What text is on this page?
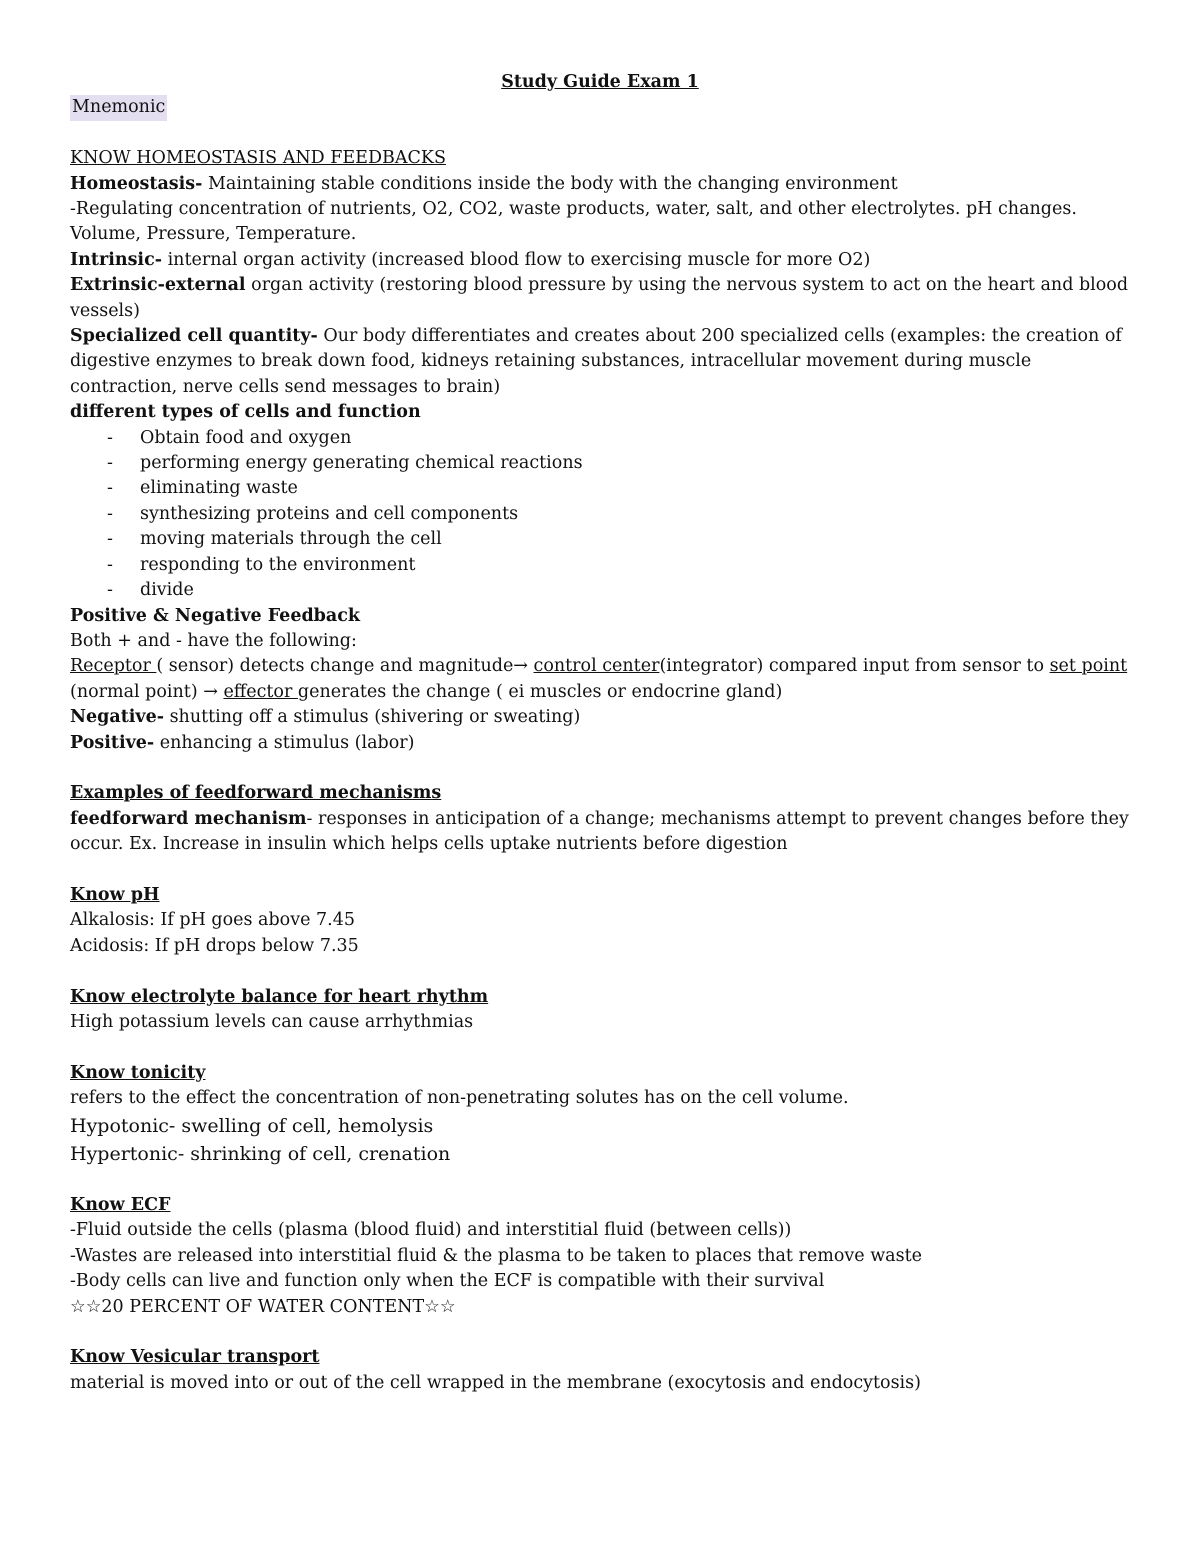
Study Guide Exam 1

Mnemonic

KNOW HOMEOSTASIS AND FEEDBACKS

Homeostasis- Maintaining stable conditions inside the body with the changing environment

-Regulating concentration of nutrients, O2, CO2, waste products, water, salt, and other electrolytes. pH changes. Volume, Pressure, Temperature.

Intrinsic- internal organ activity (increased blood flow to exercising muscle for more O2)

Extrinsic-external organ activity (restoring blood pressure by using the nervous system to act on the heart and blood vessels)

Specialized cell quantity- Our body differentiates and creates about 200 specialized cells (examples: the creation of digestive enzymes to break down food, kidneys retaining substances, intracellular movement during muscle contraction, nerve cells send messages to brain)

different types of cells and function

- Obtain food and oxygen
- performing energy generating chemical reactions
- eliminating waste
- synthesizing proteins and cell components
- moving materials through the cell
- responding to the environment
- divide

Positive & Negative Feedback

Both + and - have the following:

Receptor ( sensor) detects change and magnitude→ control center(integrator) compared input from sensor to set point (normal point) → effector generates the change ( ei muscles or endocrine gland)

Negative- shutting off a stimulus (shivering or sweating)

Positive- enhancing a stimulus (labor)

Examples of feedforward mechanisms

feedforward mechanism- responses in anticipation of a change; mechanisms attempt to prevent changes before they occur. Ex. Increase in insulin which helps cells uptake nutrients before digestion

Know pH

Alkalosis: If pH goes above 7.45

Acidosis: If pH drops below 7.35

Know electrolyte balance for heart rhythm

High potassium levels can cause arrhythmias

Know tonicity

refers to the effect the concentration of non-penetrating solutes has on the cell volume.

Hypotonic- swelling of cell, hemolysis

Hypertonic- shrinking of cell, crenation

Know ECF

-Fluid outside the cells (plasma (blood fluid) and interstitial fluid (between cells))

-Wastes are released into interstitial fluid & the plasma to be taken to places that remove waste

-Body cells can live and function only when the ECF is compatible with their survival

☆☆20 PERCENT OF WATER CONTENT☆☆

Know Vesicular transport

material is moved into or out of the cell wrapped in the membrane (exocytosis and endocytosis)
